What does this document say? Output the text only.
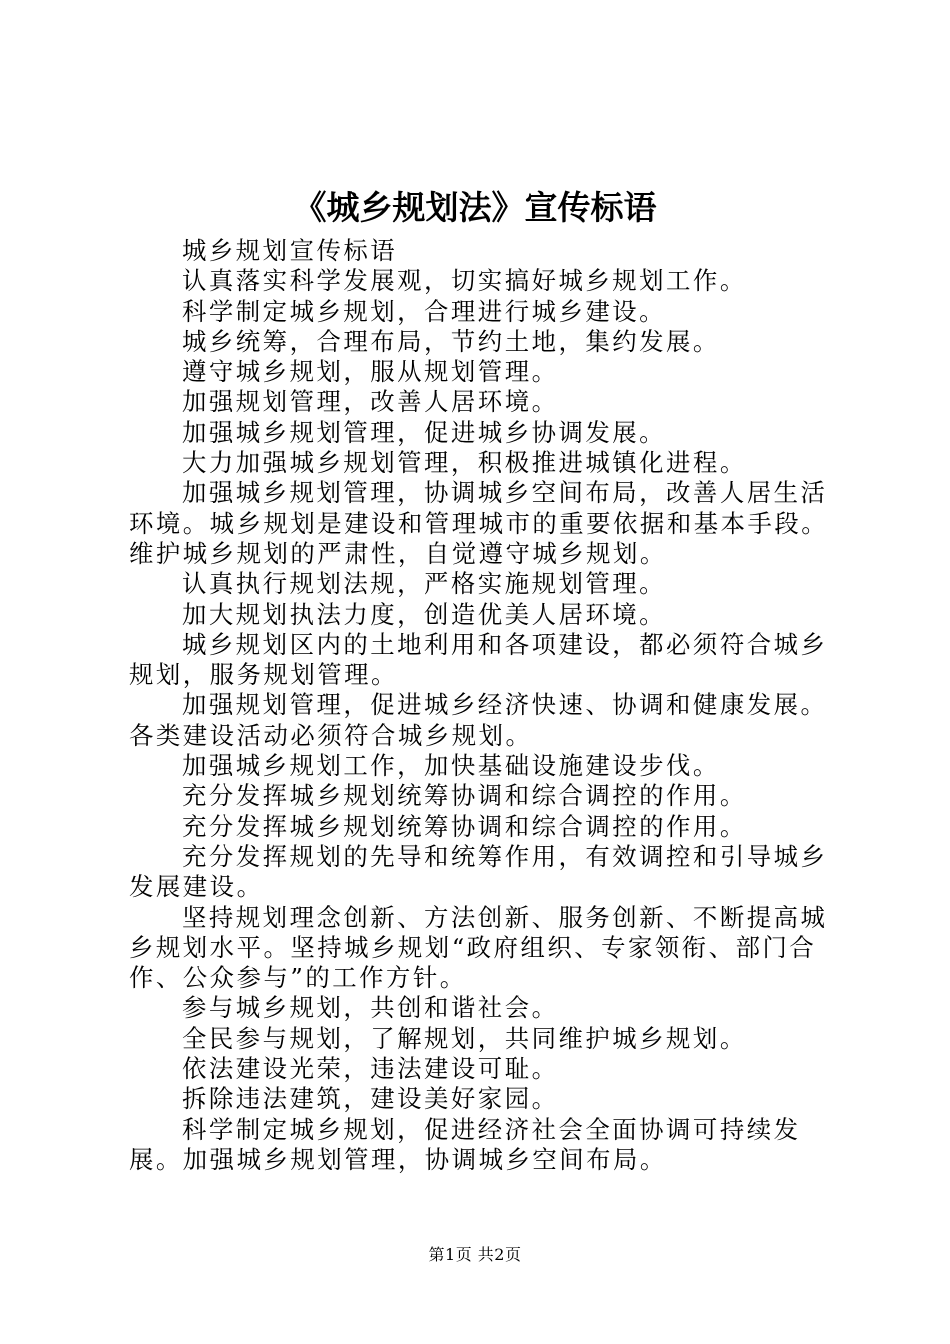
《城乡规划法》宣传标语

城乡规划宣传标语

认真落实科学发展观，切实搞好城乡规划工作。

科学制定城乡规划，合理进行城乡建设。

城乡统筹，合理布局，节约土地，集约发展。

遵守城乡规划，服从规划管理。

加强规划管理，改善人居环境。

加强城乡规划管理，促进城乡协调发展。

大力加强城乡规划管理，积极推进城镇化进程。

加强城乡规划管理，协调城乡空间布局，改善人居生活环境。城乡规划是建设和管理城市的重要依据和基本手段。维护城乡规划的严肃性，自觉遵守城乡规划。

认真执行规划法规，严格实施规划管理。

加大规划执法力度，创造优美人居环境。

城乡规划区内的土地利用和各项建设，都必须符合城乡规划，服务规划管理。

加强规划管理，促进城乡经济快速、协调和健康发展。各类建设活动必须符合城乡规划。

加强城乡规划工作，加快基础设施建设步伐。

充分发挥城乡规划统筹协调和综合调控的作用。

充分发挥城乡规划统筹协调和综合调控的作用。

充分发挥规划的先导和统筹作用，有效调控和引导城乡发展建设。

坚持规划理念创新、方法创新、服务创新、不断提高城乡规划水平。坚持城乡规划“政府组织、专家领衔、部门合作、公众参与”的工作方针。

参与城乡规划，共创和谐社会。

全民参与规划，了解规划，共同维护城乡规划。

依法建设光荣，违法建设可耻。

拆除违法建筑，建设美好家园。

科学制定城乡规划，促进经济社会全面协调可持续发展。加强城乡规划管理，协调城乡空间布局。

第1页 共2页
